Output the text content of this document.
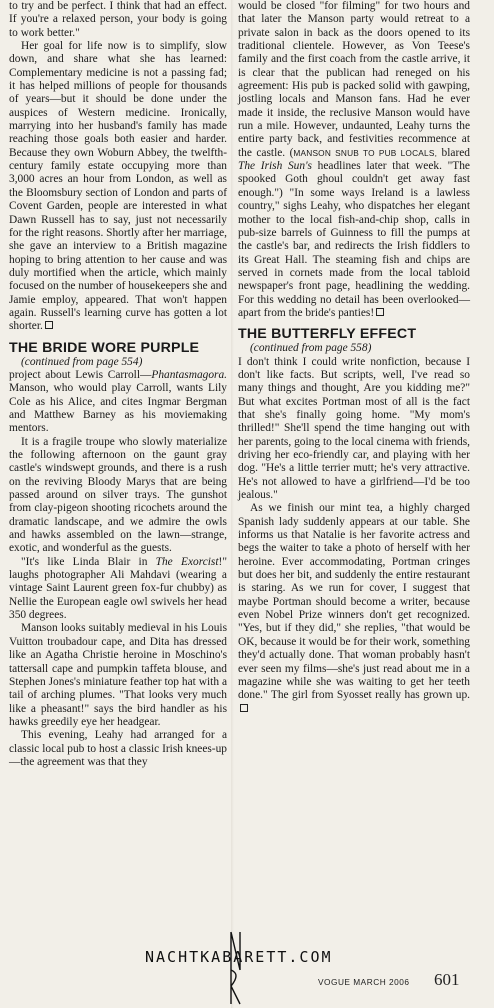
to try and be perfect. I think that had an effect. If you're a relaxed person, your body is going to work better."

Her goal for life now is to simplify, slow down, and share what she has learned: Complementary medicine is not a passing fad; it has helped millions of people for thousands of years—but it should be done under the auspices of Western medicine. Ironically, marrying into her husband's family has made reaching those goals both easier and harder. Because they own Woburn Abbey, the twelfth-century family estate occupying more than 3,000 acres an hour from London, as well as the Bloomsbury section of London and parts of Covent Garden, people are interested in what Dawn Russell has to say, just not necessarily for the right reasons. Shortly after her marriage, she gave an interview to a British magazine hoping to bring attention to her cause and was duly mortified when the article, which mainly focused on the number of housekeepers she and Jamie employ, appeared. That won't happen again. Russell's learning curve has gotten a lot shorter.

THE BRIDE WORE PURPLE

(continued from page 554)

project about Lewis Carroll—Phantasmagora. Manson, who would play Carroll, wants Lily Cole as his Alice, and cites Ingmar Bergman and Matthew Barney as his moviemaking mentors.

It is a fragile troupe who slowly materialize the following afternoon on the gaunt gray castle's windswept grounds, and there is a rush on the reviving Bloody Marys that are being passed around on silver trays. The gunshot from clay-pigeon shooting ricochets around the dramatic landscape, and we admire the owls and hawks assembled on the lawn—strange, exotic, and wonderful as the guests.

"It's like Linda Blair in The Exorcist!" laughs photographer Ali Mahdavi (wearing a vintage Saint Laurent green fox-fur chubby) as Nellie the European eagle owl swivels her head 350 degrees.

Manson looks suitably medieval in his Louis Vuitton troubadour cape, and Dita has dressed like an Agatha Christie heroine in Moschino's tattersall cape and pumpkin taffeta blouse, and Stephen Jones's miniature feather top hat with a tail of arching plumes. "That looks very much like a pheasant!" says the bird handler as his hawks greedily eye her headgear.

This evening, Leahy had arranged for a classic local pub to host a classic Irish knees-up—the agreement was that they

would be closed "for filming" for two hours and that later the Manson party would retreat to a private salon in back as the doors opened to its traditional clientele. However, as Von Teese's family and the first coach from the castle arrive, it is clear that the publican had reneged on his agreement: His pub is packed solid with gawping, jostling locals and Manson fans. Had he ever made it inside, the reclusive Manson would have run a mile. However, undaunted, Leahy turns the entire party back, and festivities recommence at the castle. (MANSON SNUB TO PUB LOCALS, blared The Irish Sun's headlines later that week. "The spooked Goth ghoul couldn't get away fast enough.") "In some ways Ireland is a lawless country," sighs Leahy, who dispatches her elegant mother to the local fish-and-chip shop, calls in pub-size barrels of Guinness to fill the pumps at the castle's bar, and redirects the Irish fiddlers to its Great Hall. The steaming fish and chips are served in cornets made from the local tabloid newspaper's front page, headlining the wedding. For this wedding no detail has been overlooked—apart from the bride's panties!

THE BUTTERFLY EFFECT

(continued from page 558)

I don't think I could write nonfiction, because I don't like facts. But scripts, well, I've read so many things and thought, Are you kidding me?" But what excites Portman most of all is the fact that she's finally going home. "My mom's thrilled!" She'll spend the time hanging out with her parents, going to the local cinema with friends, driving her eco-friendly car, and playing with her dog. "He's a little terrier mutt; he's very attractive. He's not allowed to have a girlfriend—I'd be too jealous."

As we finish our mint tea, a highly charged Spanish lady suddenly appears at our table. She informs us that Natalie is her favorite actress and begs the waiter to take a photo of herself with her heroine. Ever accommodating, Portman cringes but does her bit, and suddenly the entire restaurant is staring. As we run for cover, I suggest that maybe Portman should become a writer, because even Nobel Prize winners don't get recognized. "Yes, but if they did," she replies, "that would be OK, because it would be for their work, something they'd actually done. That woman probably hasn't ever seen my films—she's just read about me in a magazine while she was waiting to get her teeth done." The girl from Syosset really has grown up.

NACHTKABARETT.COM
VOGUE MARCH 2006 601
